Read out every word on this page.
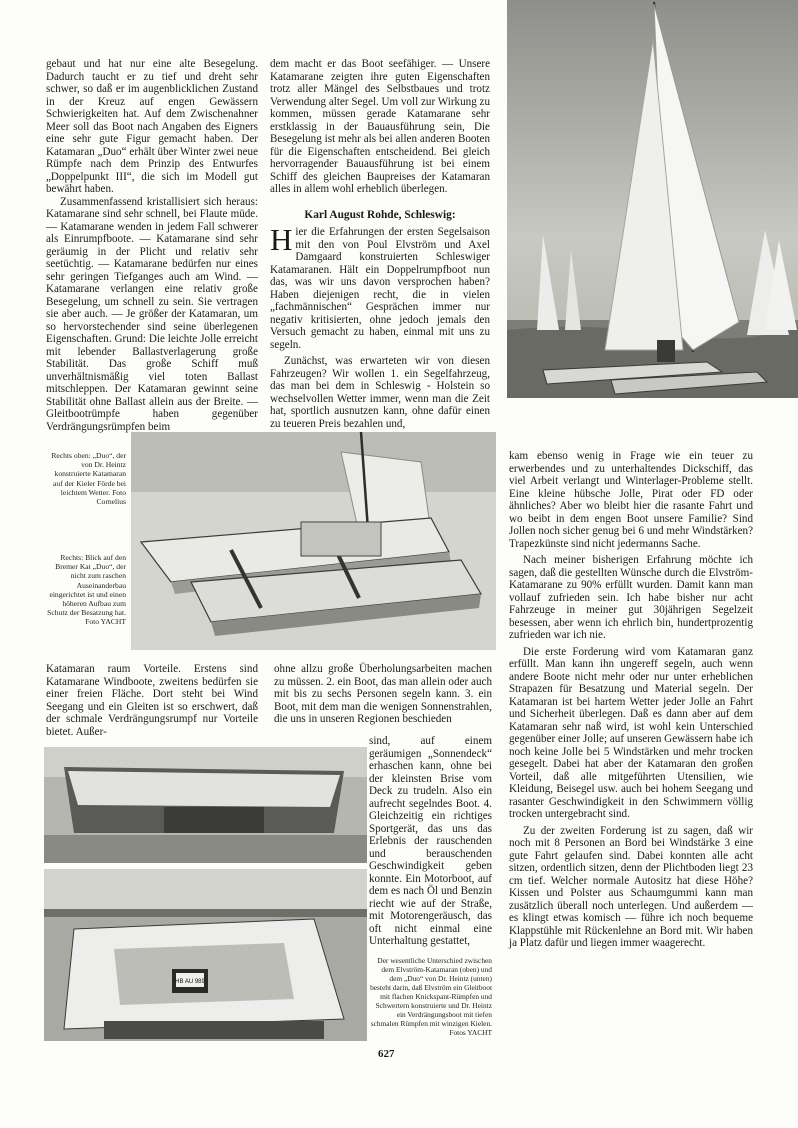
gebaut und hat nur eine alte Besegelung. Dadurch taucht er zu tief und dreht sehr schwer, so daß er im augenblicklichen Zustand in der Kreuz auf engen Gewässern Schwierigkeiten hat. Auf dem Zwischenahner Meer soll das Boot nach Angaben des Eigners eine sehr gute Figur gemacht haben. Der Katamaran „Duo“ erhält über Winter zwei neue Rümpfe nach dem Prinzip des Entwurfes „Doppelpunkt III“, die sich im Modell gut bewährt haben.

Zusammenfassend kristallisiert sich heraus: Katamarane sind sehr schnell, bei Flaute müde. — Katamarane wenden in jedem Fall schwerer als Einrumpfboote. — Katamarane sind sehr geräumig in der Plicht und relativ sehr seetüchtig. — Katamarane bedürfen nur eines sehr geringen Tiefganges auch am Wind. — Katamarane verlangen eine relativ große Besegelung, um schnell zu sein. Sie vertragen sie aber auch. — Je größer der Katamaran, um so hervorstechender sind seine überlegenen Eigenschaften. Grund: Die leichte Jolle erreicht mit lebender Ballastverlagerung große Stabilität. Das große Schiff muß unverhältnismäßig viel toten Ballast mitschleppen. Der Katamaran gewinnt seine Stabilität ohne Ballast allein aus der Breite. — Gleitbootrümpfe haben gegenüber Verdrängungsrümpfen beim

dem macht er das Boot seefähiger. — Unsere Katamarane zeigten ihre guten Eigenschaften trotz aller Mängel des Selbstbaues und trotz Verwendung alter Segel. Um voll zur Wirkung zu kommen, müssen gerade Katamarane sehr erstklassig in der Bauausführung sein, Die Besegelung ist mehr als bei allen anderen Booten für die Eigenschaften entscheidend. Bei gleich hervorragender Bauausführung ist bei einem Schiff des gleichen Baupreises der Katamaran alles in allem wohl erheblich überlegen.

Karl August Rohde, Schleswig:

Hier die Erfahrungen der ersten Segelsaison mit den von Poul Elvström und Axel Damgaard konstruierten Schleswiger Katamaranen. Hält ein Doppelrumpfboot nun das, was wir uns davon versprochen haben? Haben diejenigen recht, die in vielen „fachmännischen“ Gesprächen immer nur negativ kritisierten, ohne jedoch jemals den Versuch gemacht zu haben, einmal mit uns zu segeln.

Zunächst, was erwarteten wir von diesen Fahrzeugen? Wir wollen 1. ein Segelfahrzeug, das man bei dem in Schleswig - Holstein so wechselvollen Wetter immer, wenn man die Zeit hat, sportlich ausnutzen kann, ohne dafür einen zu teueren Preis bezahlen und,

Rechts oben: „Duo“, der von Dr. Heintz konstruierte Katamaran auf der Kieler Förde bei leichtem Wetter. Foto Cornelius
Rechts: Blick auf den Bremer Kat „Duo“, der nicht zum raschen Auseinanderbau eingerichtet ist und einen höheren Aufbau zum Schutz der Besatzung hat. Foto YACHT

kam ebenso wenig in Frage wie ein teuer zu erwerbendes und zu unterhaltendes Dickschiff, das viel Arbeit verlangt und Winterlager-Probleme stellt. Eine kleine hübsche Jolle, Pirat oder FD oder ähnliches? Aber wo bleibt hier die rasante Fahrt und wo beibt in dem engen Boot unsere Familie? Sind Jollen noch sicher genug bei 6 und mehr Windstärken? Trapezkünste sind nicht jedermanns Sache.

Nach meiner bisherigen Erfahrung möchte ich sagen, daß die gestellten Wünsche durch die Elvström-Katamarane zu 90% erfüllt wurden. Damit kann man vollauf zufrieden sein. Ich habe bisher nur acht Fahrzeuge in meiner gut 30jährigen Segelzeit besessen, aber wenn ich ehrlich bin, hundertprozentig zufrieden war ich nie.

Die erste Forderung wird vom Katamaran ganz erfüllt. Man kann ihn ungereff segeln, auch wenn andere Boote nicht mehr oder nur unter erheblichen Strapazen für Besatzung und Material segeln. Der Katamaran ist bei hartem Wetter jeder Jolle an Fahrt und Sicherheit überlegen. Daß es dann aber auf dem Katamaran sehr naß wird, ist wohl kein Unterschied gegenüber einer Jolle; auf unseren Gewässern habe ich noch keine Jolle bei 5 Windstärken und mehr trocken gesegelt. Dabei hat aber der Katamaran den großen Vorteil, daß alle mitgeführten Utensilien, wie Kleidung, Beisegel usw. auch bei hohem Seegang und rasanter Geschwindigkeit in den Schwimmern völlig trocken untergebracht sind.

Zu der zweiten Forderung ist zu sagen, daß wir noch mit 8 Personen an Bord bei Windstärke 3 eine gute Fahrt gelaufen sind. Dabei konnten alle acht sitzen, ordentlich sitzen, denn der Plichtboden liegt 23 cm tief. Welcher normale Autositz hat diese Höhe? Kissen und Polster aus Schaumgummi kann man zusätzlich überall noch unterlegen. Und außerdem — es klingt etwas komisch — führe ich noch bequeme Klappstühle mit Rückenlehne an Bord mit. Wir haben ja Platz dafür und liegen immer waagerecht.

Katamaran raum Vorteile. Erstens sind Katamarane Windboote, zweitens bedürfen sie einer freien Fläche. Dort steht bei Wind Seegang und ein Gleiten ist so erschwert, daß der schmale Verdrängungsrumpf nur Vorteile bietet. Außer-

ohne allzu große Überholungsarbeiten machen zu müssen. 2. ein Boot, das man allein oder auch mit bis zu sechs Personen segeln kann. 3. ein Boot, mit dem man die wenigen Sonnenstrahlen, die uns in unseren Regionen beschieden

sind, auf einem geräumigen „Sonnendeck“ erhaschen kann, ohne bei der kleinsten Brise vom Deck zu trudeln. Also ein aufrecht segelndes Boot. 4. Gleichzeitig ein richtiges Sportgerät, das uns das Erlebnis der rauschenden und berauschenden Geschwindigkeit geben konnte. Ein Motorboot, auf dem es nach Öl und Benzin riecht wie auf der Straße, mit Motorengeräusch, das oft nicht einmal eine Unterhaltung gestattet,

HB AU 989
Der wesentliche Unterschied zwischen dem Elvström-Katamaran (oben) und dem „Duo“ von Dr. Heintz (unten) besteht darin, daß Elvström ein Gleitboot mit flachen Knickspant-Rümpfen und Schwertern konstruierte und Dr. Heintz ein Verdrängungsboot mit tiefen schmalen Rümpfen mit winzigen Kielen. Fotos YACHT
627
